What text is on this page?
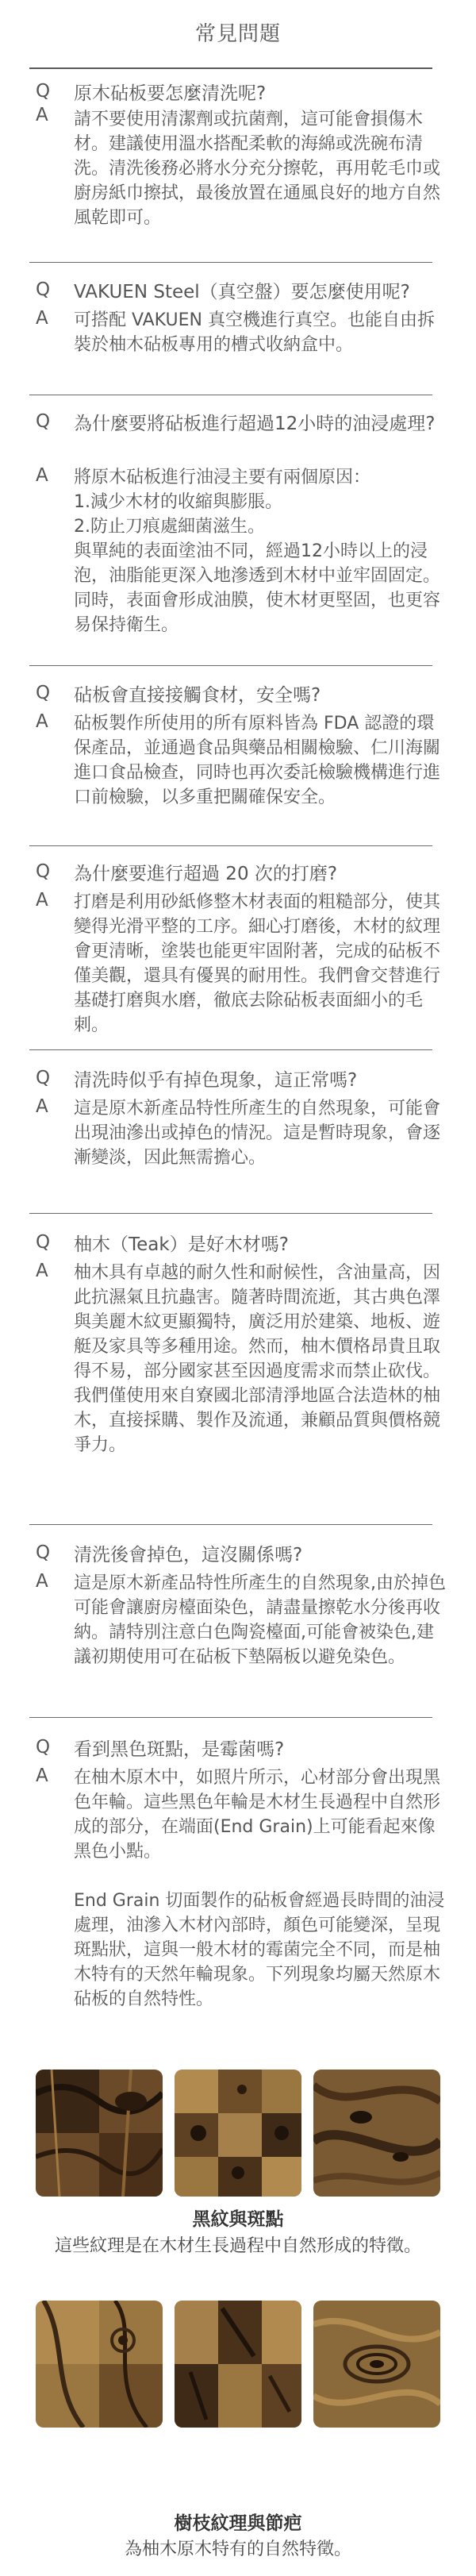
常見問題
Q	原木砧板要怎麼清洗呢?
A	請不要使用清潔劑或抗菌劑，這可能會損傷木材。建議使用溫水搭配柔軟的海綿或洗碗布清洗。清洗後務必將水分充分擦乾，再用乾毛巾或廚房紙巾擦拭，最後放置在通風良好的地方自然風乾即可。
Q	VAKUEN Steel（真空盤）要怎麼使用呢?
A	可搭配 VAKUEN 真空機進行真空。也能自由拆裝於柚木砧板專用的槽式收納盒中。
Q	為什麼要將砧板進行超過12小時的油浸處理?
A	將原木砧板進行油浸主要有兩個原因：
1.減少木材的收縮與膨脹。
2.防止刀痕處細菌滋生。
與單純的表面塗油不同，經過12小時以上的浸泡，油脂能更深入地滲透到木材中並牢固固定。同時，表面會形成油膜，使木材更堅固，也更容易保持衛生。
Q	砧板會直接接觸食材，安全嗎?
A	砧板製作所使用的所有原料皆為 FDA 認證的環保產品，並通過食品與藥品相關檢驗、仁川海關進口食品檢查，同時也再次委託檢驗機構進行進口前檢驗，以多重把關確保安全。
Q	為什麼要進行超過 20 次的打磨?
A	打磨是利用砂紙修整木材表面的粗糙部分，使其變得光滑平整的工序。細心打磨後，木材的紋理會更清晰，塗裝也能更牢固附著，完成的砧板不僅美觀，還具有優異的耐用性。我們會交替進行基礎打磨與水磨，徹底去除砧板表面細小的毛刺。
Q	清洗時似乎有掉色現象，這正常嗎?
A	這是原木新產品特性所產生的自然現象，可能會出現油滲出或掉色的情況。這是暫時現象，會逐漸變淡，因此無需擔心。
Q	柚木（Teak）是好木材嗎?
A	柚木具有卓越的耐久性和耐候性，含油量高，因此抗濕氣且抗蟲害。隨著時間流逝，其古典色澤與美麗木紋更顯獨特，廣泛用於建築、地板、遊艇及家具等多種用途。然而，柚木價格昂貴且取得不易，部分國家甚至因過度需求而禁止砍伐。我們僅使用來自寮國北部清淨地區合法造林的柚木，直接採購、製作及流通，兼顧品質與價格競爭力。
Q	清洗後會掉色，這沒關係嗎?
A	這是原木新產品特性所產生的自然現象,由於掉色可能會讓廚房檯面染色，請盡量擦乾水分後再收納。請特別注意白色陶瓷檯面,可能會被染色,建議初期使用可在砧板下墊隔板以避免染色。
Q	看到黑色斑點，是霉菌嗎?
A	在柚木原木中，如照片所示，心材部分會出現黑色年輪。這些黑色年輪是木材生長過程中自然形成的部分，在端面(End Grain)上可能看起來像黑色小點。

End Grain 切面製作的砧板會經過長時間的油浸處理，油滲入木材內部時，顏色可能變深，呈現斑點狀，這與一般木材的霉菌完全不同，而是柚木特有的天然年輪現象。下列現象均屬天然原木砧板的自然特性。
黑紋與斑點
這些紋理是在木材生長過程中自然形成的特徵。
樹枝紋理與節疤
為柚木原木特有的自然特徵。
